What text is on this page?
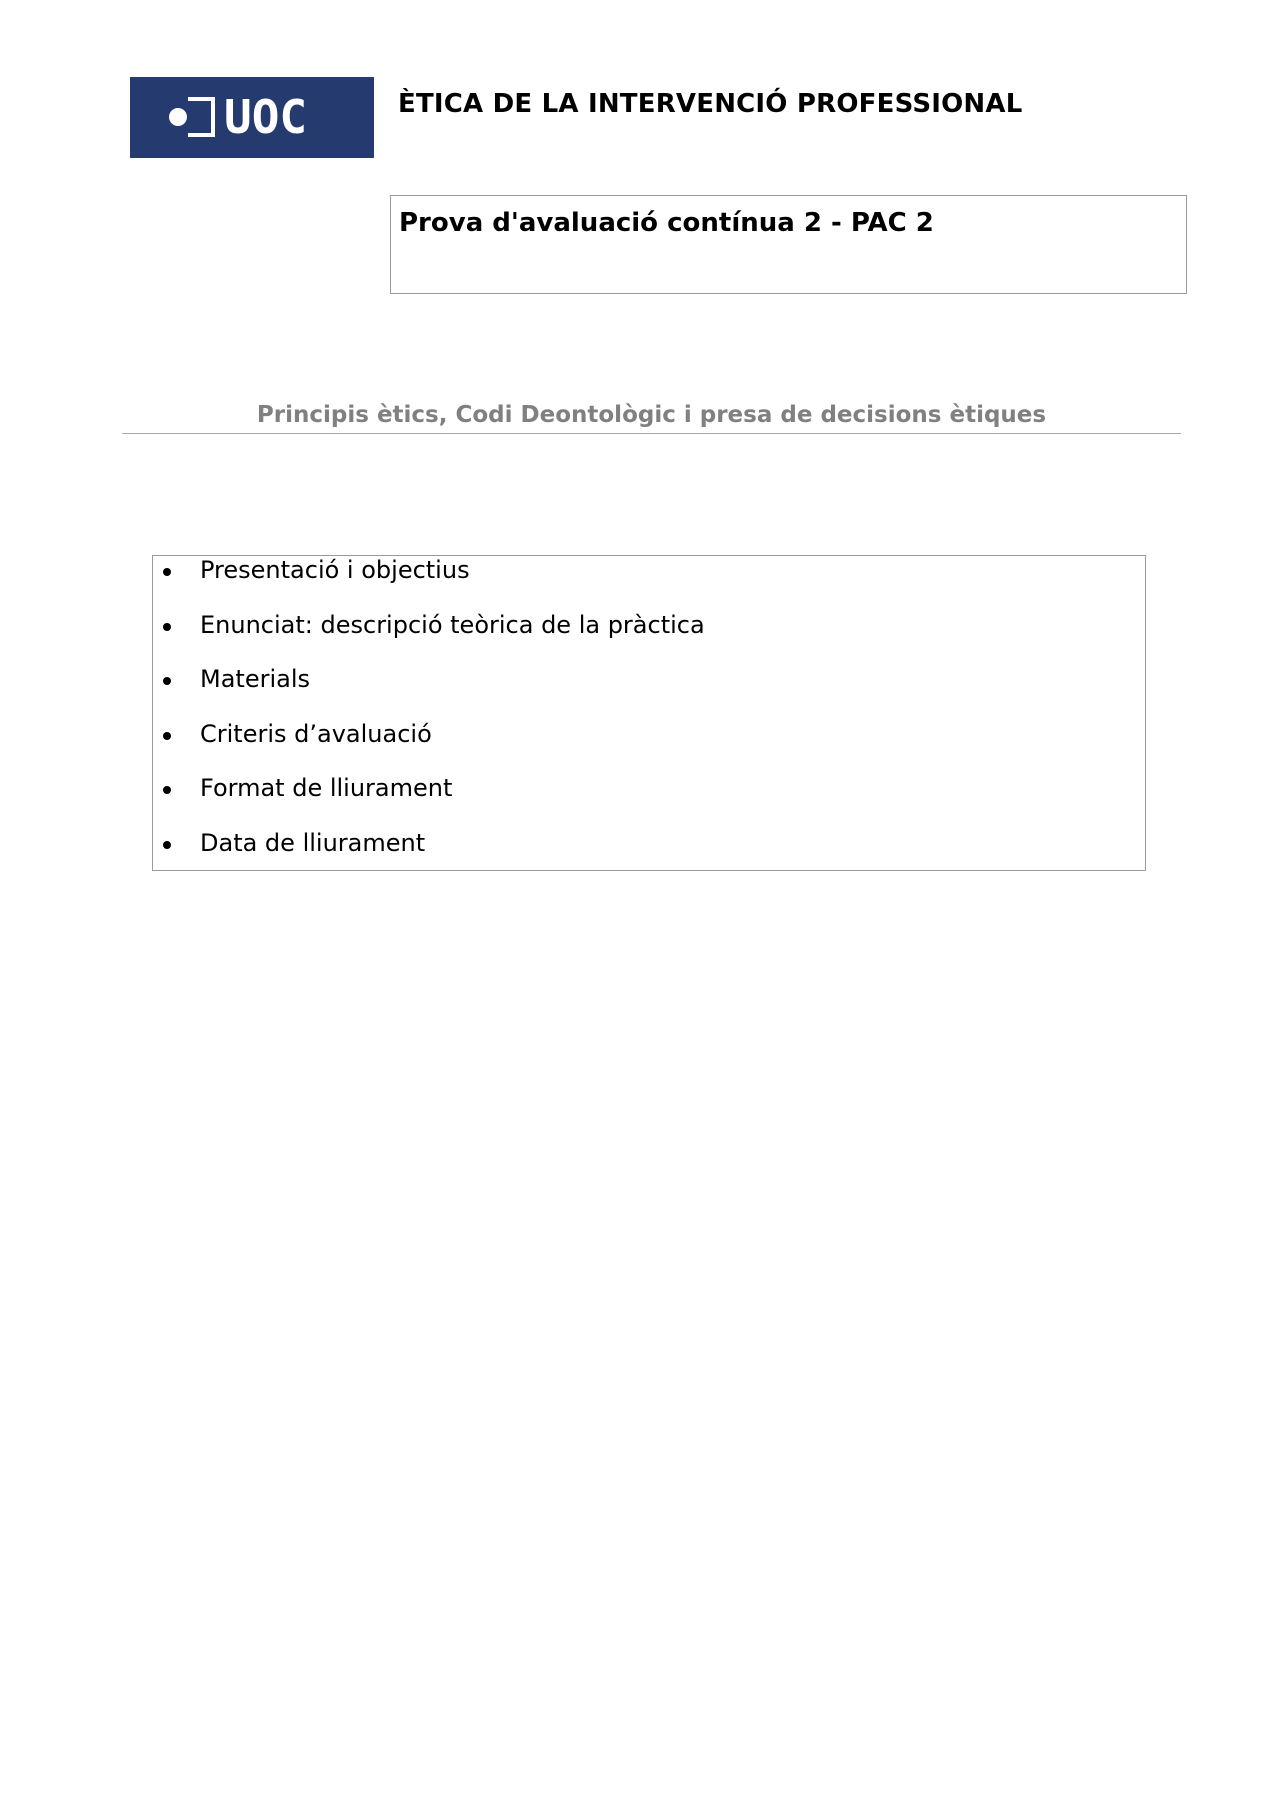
UOC	ÈTICA DE LA INTERVENCIÓ PROFESSIONAL
Prova d'avaluació contínua 2 - PAC 2
Principis ètics, Codi Deontològic i presa de decisions ètiques
Presentació i objectius
Enunciat: descripció teòrica de la pràctica
Materials
Criteris d’avaluació
Format de lliurament
Data de lliurament
